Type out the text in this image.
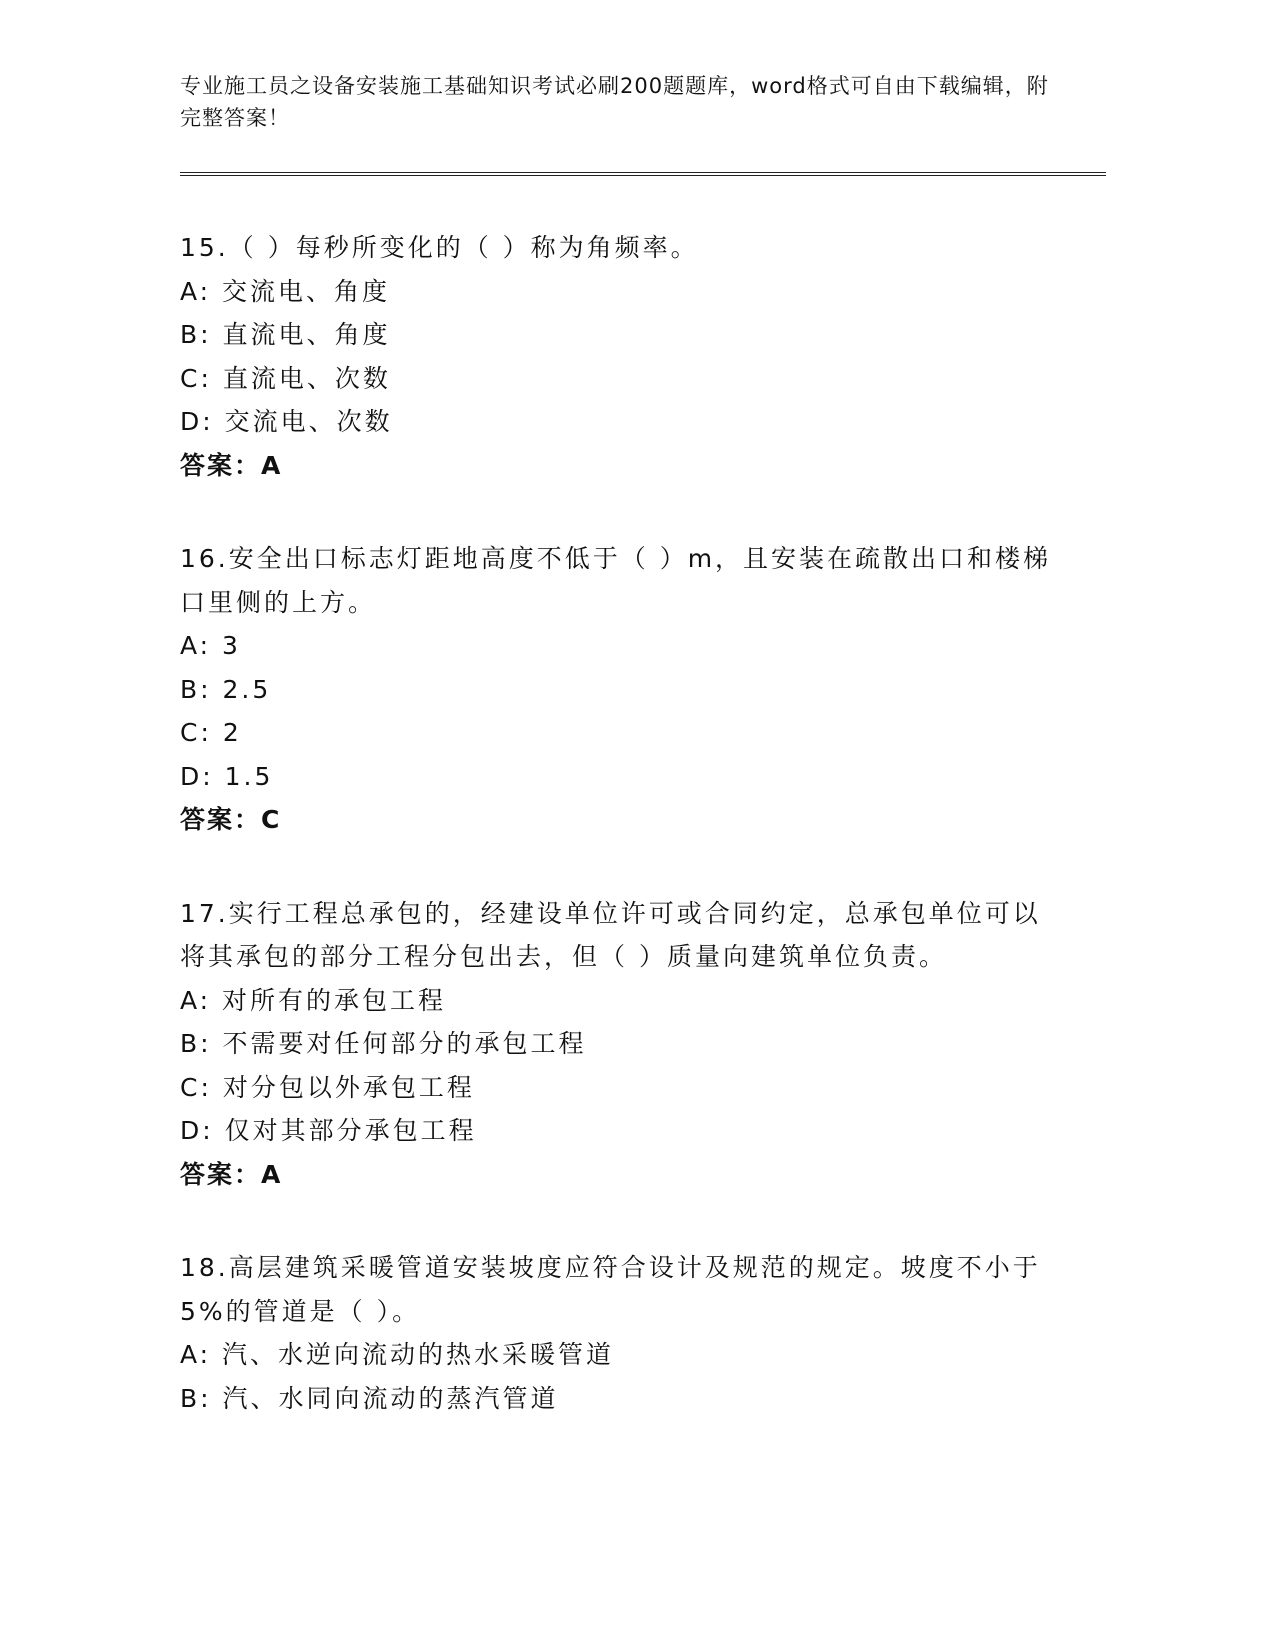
专业施工员之设备安装施工基础知识考试必刷200题题库，word格式可自由下载编辑，附完整答案！

15.（ ）每秒所变化的（ ）称为角频率。

A: 交流电、角度

B: 直流电、角度

C: 直流电、次数

D: 交流电、次数

答案：A

16.安全出口标志灯距地高度不低于（ ）m，且安装在疏散出口和楼梯口里侧的上方。

A: 3

B: 2.5

C: 2

D: 1.5

答案：C

17.实行工程总承包的，经建设单位许可或合同约定，总承包单位可以将其承包的部分工程分包出去，但（ ）质量向建筑单位负责。

A: 对所有的承包工程

B: 不需要对任何部分的承包工程

C: 对分包以外承包工程

D: 仅对其部分承包工程

答案：A

18.高层建筑采暖管道安装坡度应符合设计及规范的规定。坡度不小于5%的管道是（ ）。

A: 汽、水逆向流动的热水采暖管道

B: 汽、水同向流动的蒸汽管道
